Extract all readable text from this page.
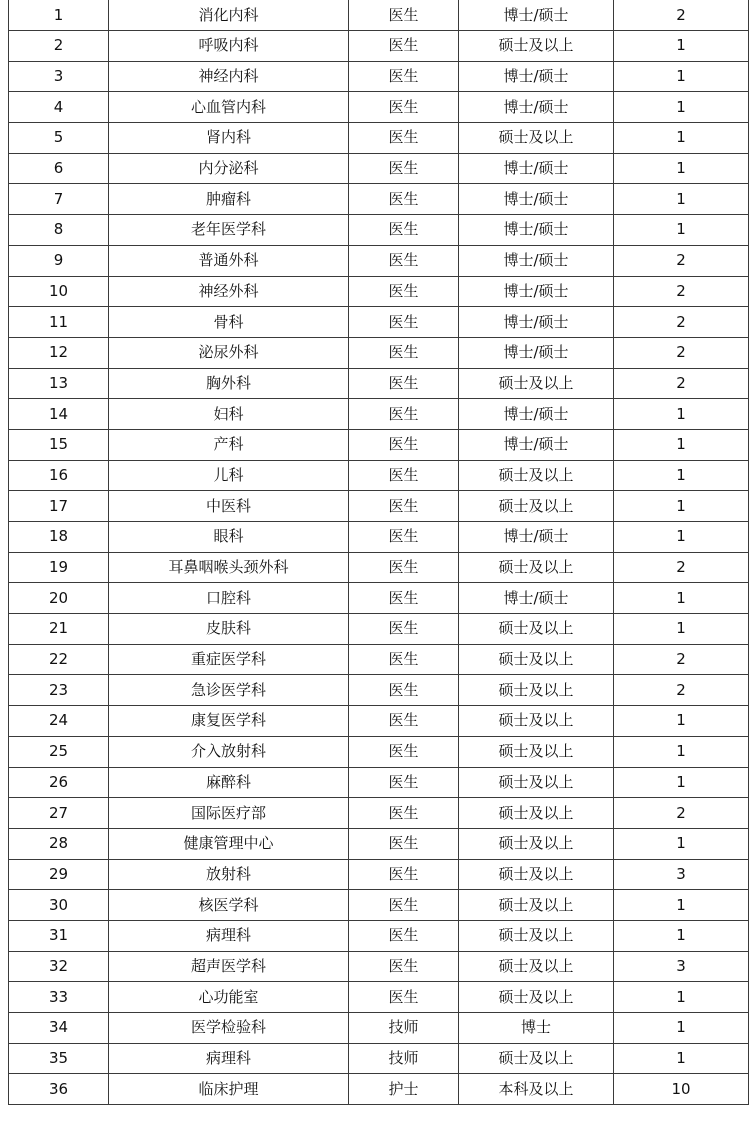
1	消化内科	医生	博士/硕士	2
2	呼吸内科	医生	硕士及以上	1
3	神经内科	医生	博士/硕士	1
4	心血管内科	医生	博士/硕士	1
5	肾内科	医生	硕士及以上	1
6	内分泌科	医生	博士/硕士	1
7	肿瘤科	医生	博士/硕士	1
8	老年医学科	医生	博士/硕士	1
9	普通外科	医生	博士/硕士	2
10	神经外科	医生	博士/硕士	2
11	骨科	医生	博士/硕士	2
12	泌尿外科	医生	博士/硕士	2
13	胸外科	医生	硕士及以上	2
14	妇科	医生	博士/硕士	1
15	产科	医生	博士/硕士	1
16	儿科	医生	硕士及以上	1
17	中医科	医生	硕士及以上	1
18	眼科	医生	博士/硕士	1
19	耳鼻咽喉头颈外科	医生	硕士及以上	2
20	口腔科	医生	博士/硕士	1
21	皮肤科	医生	硕士及以上	1
22	重症医学科	医生	硕士及以上	2
23	急诊医学科	医生	硕士及以上	2
24	康复医学科	医生	硕士及以上	1
25	介入放射科	医生	硕士及以上	1
26	麻醉科	医生	硕士及以上	1
27	国际医疗部	医生	硕士及以上	2
28	健康管理中心	医生	硕士及以上	1
29	放射科	医生	硕士及以上	3
30	核医学科	医生	硕士及以上	1
31	病理科	医生	硕士及以上	1
32	超声医学科	医生	硕士及以上	3
33	心功能室	医生	硕士及以上	1
34	医学检验科	技师	博士	1
35	病理科	技师	硕士及以上	1
36	临床护理	护士	本科及以上	10
